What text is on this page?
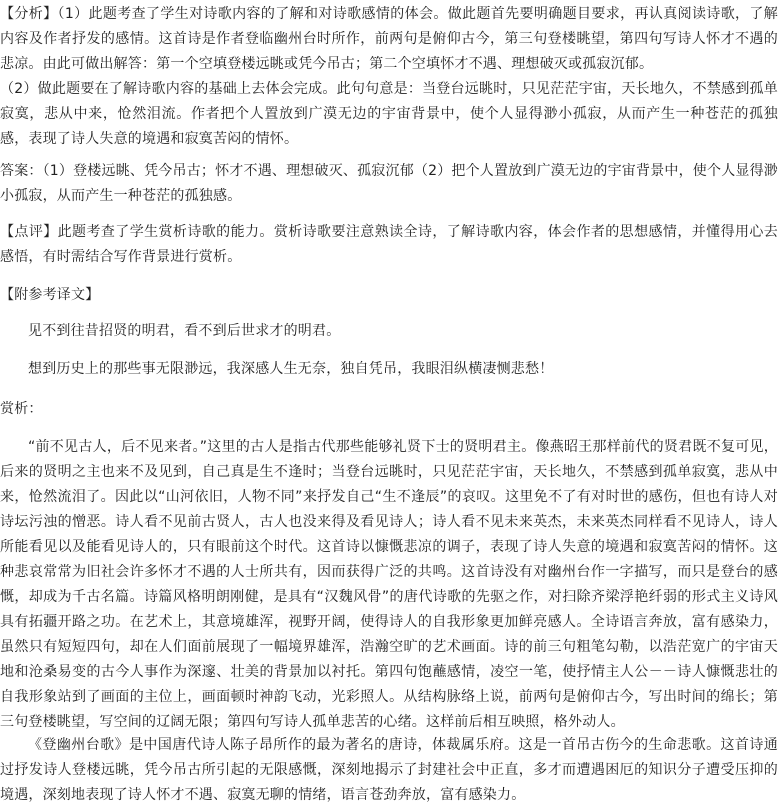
【分析】（1）此题考查了学生对诗歌内容的了解和对诗歌感情的体会。做此题首先要明确题目要求，再认真阅读诗歌，了解内容及作者抒发的感情。这首诗是作者登临幽州台时所作，前两句是俯仰古今，第三句登楼眺望，第四句写诗人怀才不遇的悲凉。由此可做出解答：第一个空填登楼远眺或凭今吊古；第二个空填怀才不遇、理想破灭或孤寂沉郁。

（2）做此题要在了解诗歌内容的基础上去体会完成。此句句意是：当登台远眺时，只见茫茫宇宙，天长地久，不禁感到孤单寂寞，悲从中来，怆然泪流。作者把个人置放到广漠无边的宇宙背景中，使个人显得渺小孤寂，从而产生一种苍茫的孤独感，表现了诗人失意的境遇和寂寞苦闷的情怀。

答案：（1）登楼远眺、凭今吊古；怀才不遇、理想破灭、孤寂沉郁（2）把个人置放到广漠无边的宇宙背景中，使个人显得渺小孤寂，从而产生一种苍茫的孤独感。

【点评】此题考查了学生赏析诗歌的能力。赏析诗歌要注意熟读全诗，了解诗歌内容，体会作者的思想感情，并懂得用心去感悟，有时需结合写作背景进行赏析。

【附参考译文】

见不到往昔招贤的明君，看不到后世求才的明君。

想到历史上的那些事无限渺远，我深感人生无奈，独自凭吊，我眼泪纵横凄恻悲愁！

赏析：

“前不见古人，后不见来者。”这里的古人是指古代那些能够礼贤下士的贤明君主。像燕昭王那样前代的贤君既不复可见，后来的贤明之主也来不及见到，自己真是生不逢时；当登台远眺时，只见茫茫宇宙，天长地久，不禁感到孤单寂寞，悲从中来，怆然流泪了。因此以“山河依旧，人物不同”来抒发自己“生不逢辰”的哀叹。这里免不了有对时世的感伤，但也有诗人对诗坛污浊的憎恶。诗人看不见前古贤人，古人也没来得及看见诗人；诗人看不见未来英杰，未来英杰同样看不见诗人，诗人所能看见以及能看见诗人的，只有眼前这个时代。这首诗以慷慨悲凉的调子，表现了诗人失意的境遇和寂寞苦闷的情怀。这种悲哀常常为旧社会许多怀才不遇的人士所共有，因而获得广泛的共鸣。这首诗没有对幽州台作一字描写，而只是登台的感慨，却成为千古名篇。诗篇风格明朗刚健，是具有“汉魏风骨”的唐代诗歌的先驱之作，对扫除齐梁浮艳纤弱的形式主义诗风具有拓疆开路之功。在艺术上，其意境雄浑，视野开阔，使得诗人的自我形象更加鲜亮感人。全诗语言奔放，富有感染力，虽然只有短短四句，却在人们面前展现了一幅境界雄浑，浩瀚空旷的艺术画面。诗的前三句粗笔勾勒，以浩茫宽广的宇宙天地和沧桑易变的古今人事作为深邃、壮美的背景加以衬托。第四句饱蘸感情，凌空一笔，使抒情主人公－－诗人慷慨悲壮的自我形象站到了画面的主位上，画面顿时神韵飞动，光彩照人。从结构脉络上说，前两句是俯仰古今，写出时间的绵长；第三句登楼眺望，写空间的辽阔无限；第四句写诗人孤单悲苦的心绪。这样前后相互映照，格外动人。

《登幽州台歌》是中国唐代诗人陈子昂所作的最为著名的唐诗，体裁属乐府。这是一首吊古伤今的生命悲歌。这首诗通过抒发诗人登楼远眺，凭今吊古所引起的无限感慨，深刻地揭示了封建社会中正直，多才而遭遇困厄的知识分子遭受压抑的境遇，深刻地表现了诗人怀才不遇、寂寞无聊的情绪，语言苍劲奔放，富有感染力。
